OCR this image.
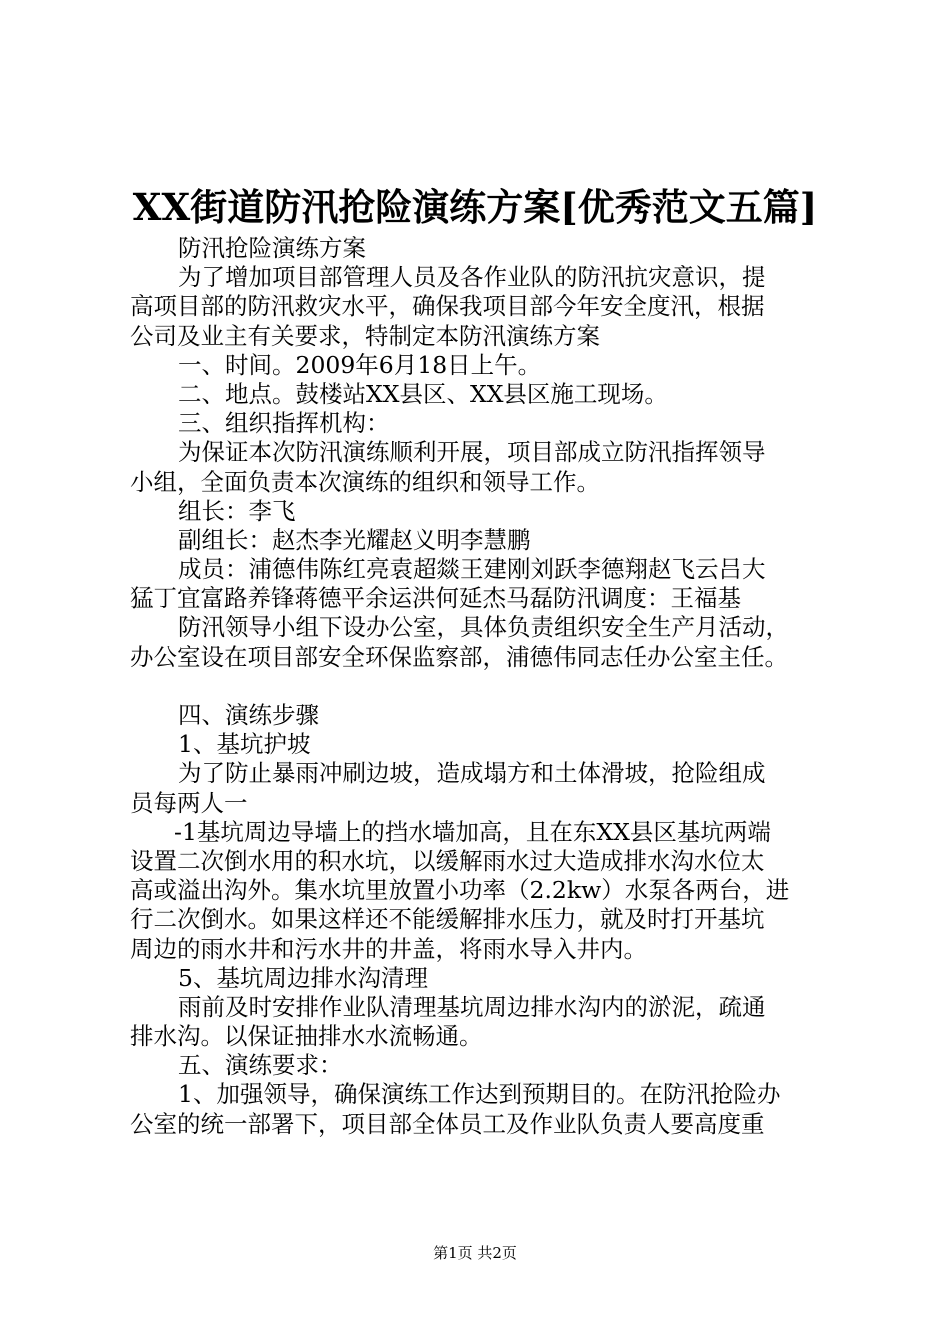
XX街道防汛抢险演练方案[优秀范文五篇]
防汛抢险演练方案
为了增加项目部管理人员及各作业队的防汛抗灾意识，提
高项目部的防汛救灾水平，确保我项目部今年安全度汛，根据
公司及业主有关要求，特制定本防汛演练方案
一、时间。2009年6月18日上午。
二、地点。鼓楼站XX县区、XX县区施工现场。
三、组织指挥机构：
为保证本次防汛演练顺利开展，项目部成立防汛指挥领导
小组，全面负责本次演练的组织和领导工作。
组长：李飞
副组长：赵杰李光耀赵义明李慧鹏
成员：浦德伟陈红亮袁超燚王建刚刘跃李德翔赵飞云吕大
猛丁宜富路养锋蒋德平余运洪何延杰马磊防汛调度：王福基
防汛领导小组下设办公室，具体负责组织安全生产月活动，
办公室设在项目部安全环保监察部，浦德伟同志任办公室主任。
四、演练步骤
1、基坑护坡
为了防止暴雨冲刷边坡，造成塌方和土体滑坡，抢险组成
员每两人一
-1基坑周边导墙上的挡水墙加高，且在东XX县区基坑两端
设置二次倒水用的积水坑，以缓解雨水过大造成排水沟水位太
高或溢出沟外。集水坑里放置小功率（2.2kw）水泵各两台，进
行二次倒水。如果这样还不能缓解排水压力，就及时打开基坑
周边的雨水井和污水井的井盖，将雨水导入井内。
5、基坑周边排水沟清理
雨前及时安排作业队清理基坑周边排水沟内的淤泥，疏通
排水沟。以保证抽排水水流畅通。
五、演练要求：
1、加强领导，确保演练工作达到预期目的。在防汛抢险办
公室的统一部署下，项目部全体员工及作业队负责人要高度重
第1页 共2页
